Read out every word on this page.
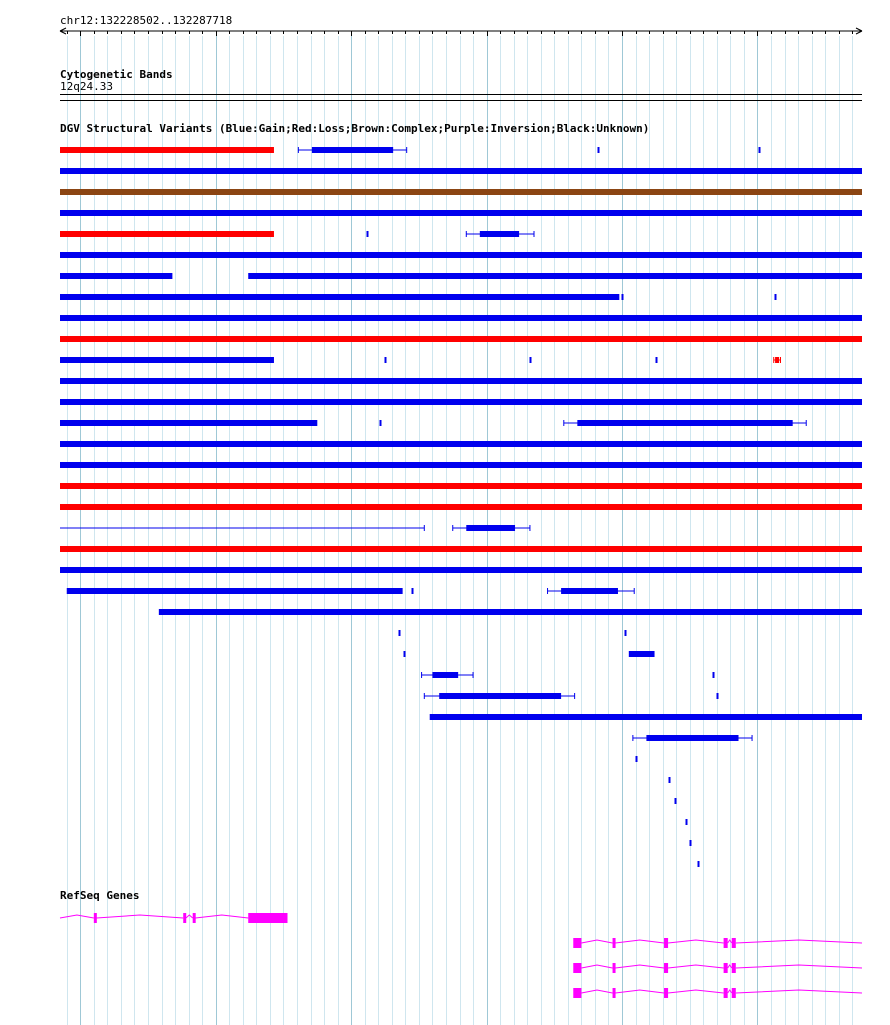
chr12:132228502..132287718
Cytogenetic Bands
12q24.33
DGV Structural Variants (Blue:Gain;Red:Loss;Brown:Complex;Purple:Inversion;Black:Unknown)
RefSeq Genes
